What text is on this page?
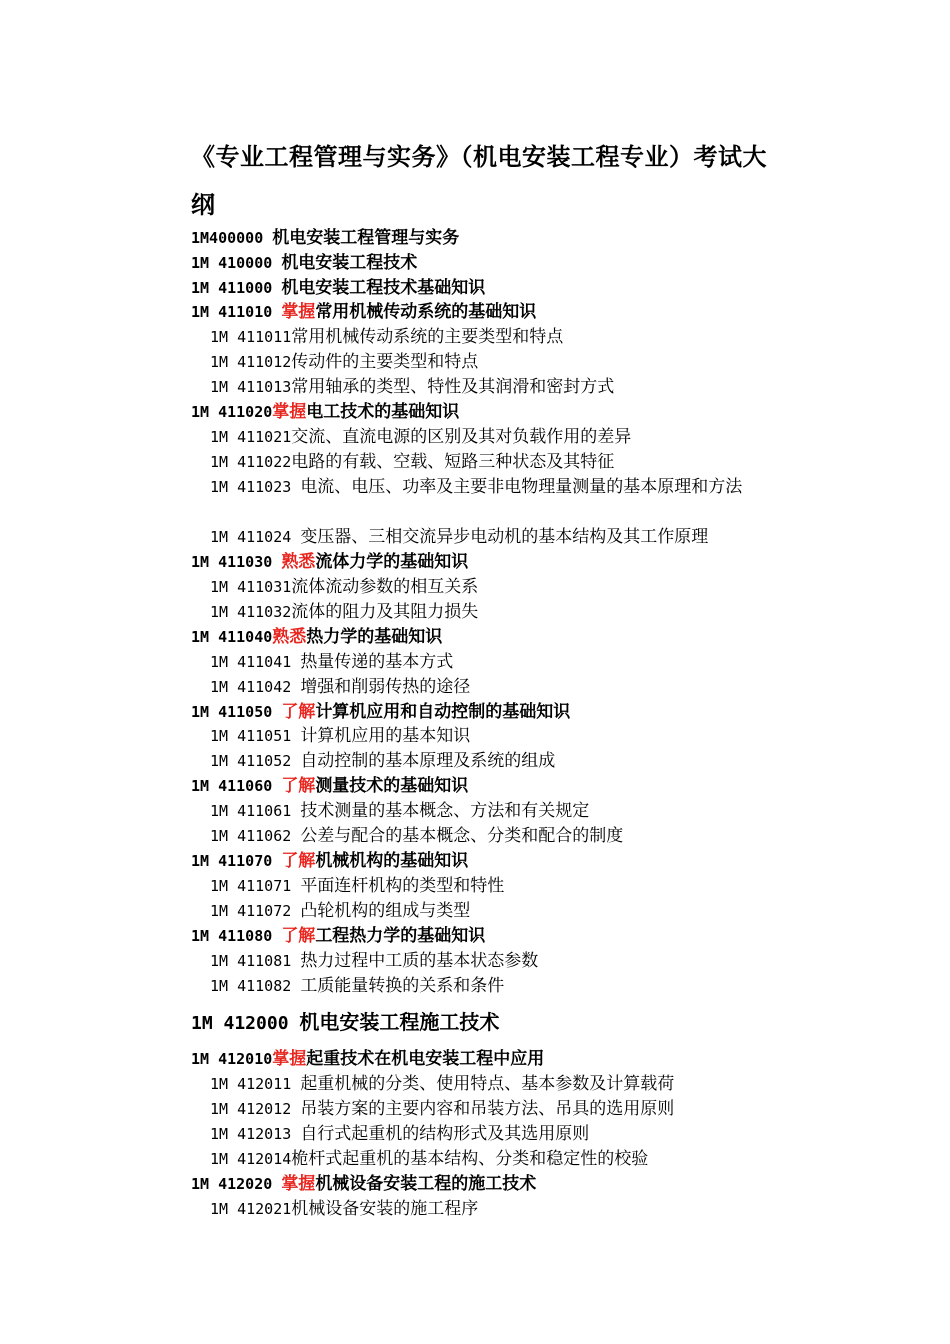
《专业工程管理与实务》（机电安装工程专业）考试大
纲
1M400000 机电安装工程管理与实务
1M 410000 机电安装工程技术
1M 411000 机电安装工程技术基础知识
1M 411010 掌握常用机械传动系统的基础知识
1M 411011常用机械传动系统的主要类型和特点
1M 411012传动件的主要类型和特点
1M 411013常用轴承的类型、特性及其润滑和密封方式
1M 411020掌握电工技术的基础知识
1M 411021交流、直流电源的区别及其对负载作用的差异
1M 411022电路的有载、空载、短路三种状态及其特征
1M 411023 电流、电压、功率及主要非电物理量测量的基本原理和方法
1M 411024 变压器、三相交流异步电动机的基本结构及其工作原理
1M 411030 熟悉流体力学的基础知识
1M 411031流体流动参数的相互关系
1M 411032流体的阻力及其阻力损失
1M 411040熟悉热力学的基础知识
1M 411041 热量传递的基本方式
1M 411042 增强和削弱传热的途径
1M 411050 了解计算机应用和自动控制的基础知识
1M 411051 计算机应用的基本知识
1M 411052 自动控制的基本原理及系统的组成
1M 411060 了解测量技术的基础知识
1M 411061 技术测量的基本概念、方法和有关规定
1M 411062 公差与配合的基本概念、分类和配合的制度
1M 411070 了解机械机构的基础知识
1M 411071 平面连杆机构的类型和特性
1M 411072 凸轮机构的组成与类型
1M 411080 了解工程热力学的基础知识
1M 411081 热力过程中工质的基本状态参数
1M 411082 工质能量转换的关系和条件
1M 412000 机电安装工程施工技术
1M 412010掌握起重技术在机电安装工程中应用
1M 412011 起重机械的分类、使用特点、基本参数及计算载荷
1M 412012 吊装方案的主要内容和吊装方法、吊具的选用原则
1M 412013 自行式起重机的结构形式及其选用原则
1M 412014桅杆式起重机的基本结构、分类和稳定性的校验
1M 412020 掌握机械设备安装工程的施工技术
1M 412021机械设备安装的施工程序
